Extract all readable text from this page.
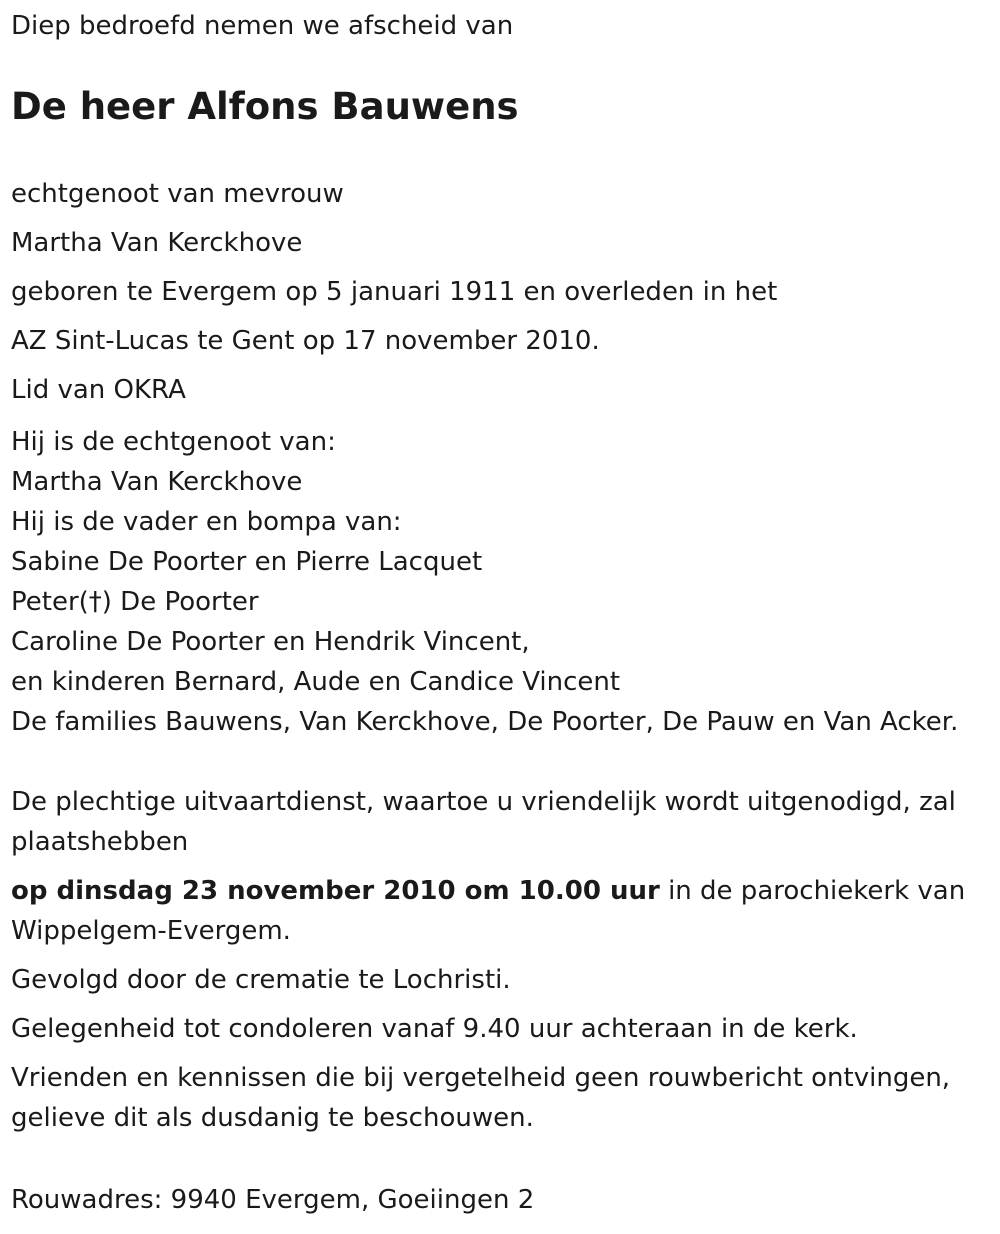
Diep bedroefd nemen we afscheid van
De heer Alfons Bauwens
echtgenoot van mevrouw
Martha Van Kerckhove
geboren te Evergem op 5 januari 1911 en overleden in het
AZ Sint-Lucas te Gent op 17 november 2010.
Lid van OKRA
Hij is de echtgenoot van:
Martha Van Kerckhove
Hij is de vader en bompa van:
Sabine De Poorter en Pierre Lacquet
Peter(†) De Poorter
Caroline De Poorter en Hendrik Vincent,
en kinderen Bernard, Aude en Candice Vincent
De families Bauwens, Van Kerckhove, De Poorter, De Pauw en Van Acker.

De plechtige uitvaartdienst, waartoe u vriendelijk wordt uitgenodigd, zal plaatshebben

op dinsdag 23 november 2010 om 10.00 uur in de parochiekerk van Wippelgem-Evergem.

Gevolgd door de crematie te Lochristi.

Gelegenheid tot condoleren vanaf 9.40 uur achteraan in de kerk.

Vrienden en kennissen die bij vergetelheid geen rouwbericht ontvingen, gelieve dit als dusdanig te beschouwen.

Rouwadres: 9940 Evergem, Goeiingen 2
